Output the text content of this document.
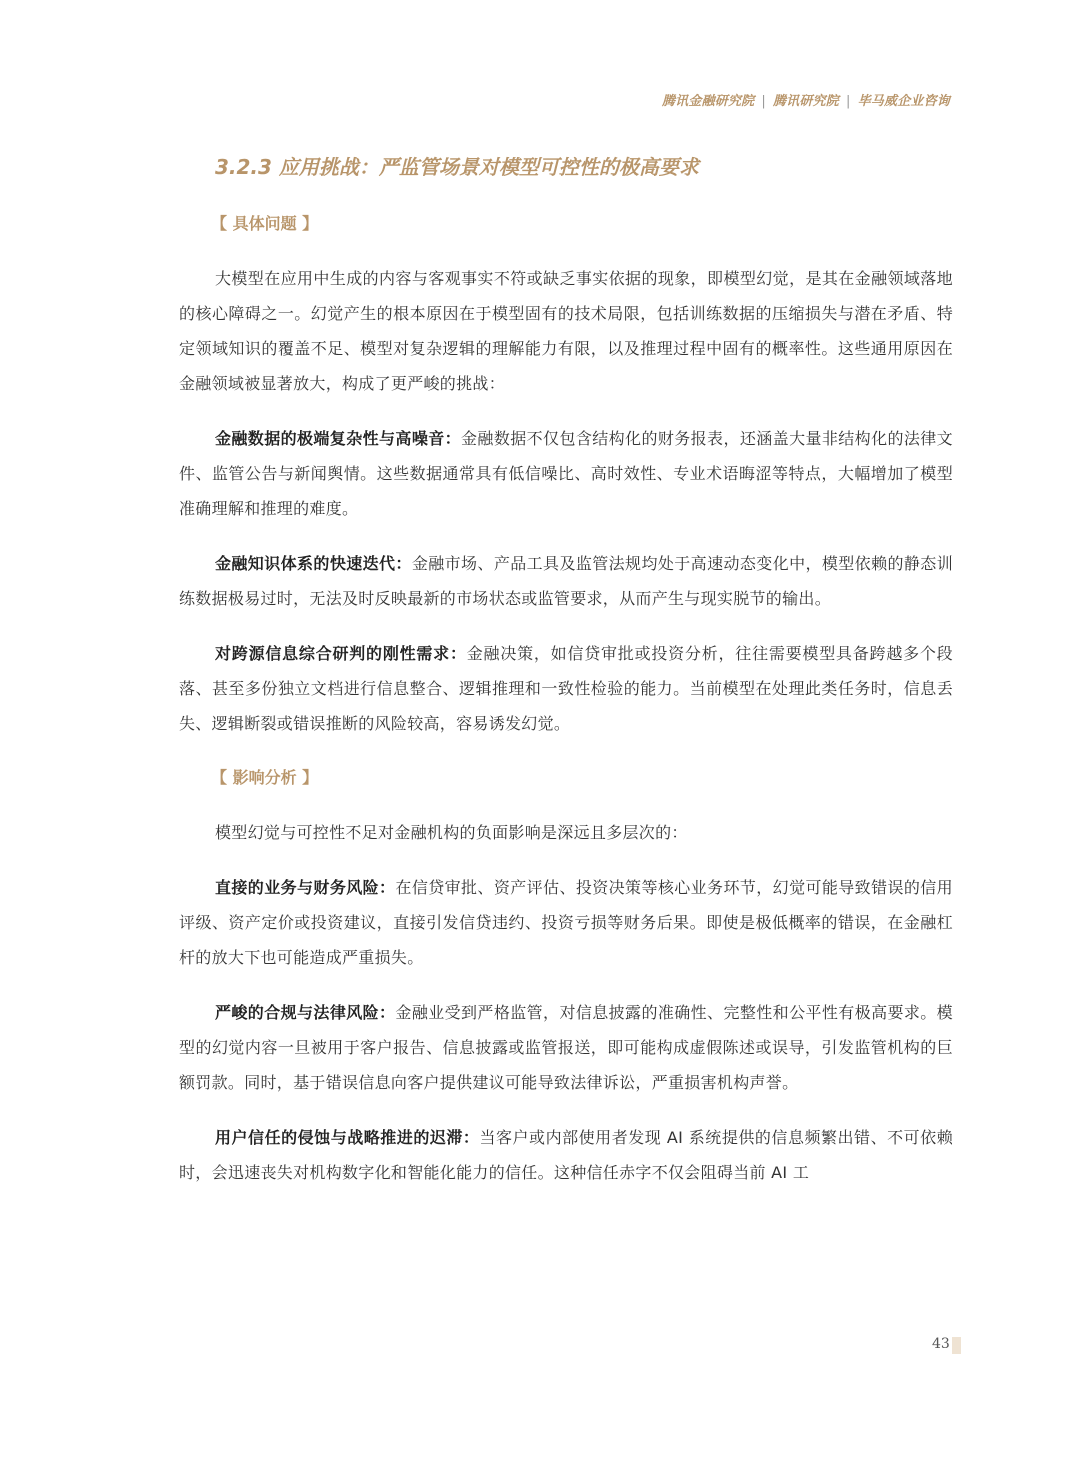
腾讯金融研究院 | 腾讯研究院 | 毕马威企业咨询
3.2.3 应用挑战：严监管场景对模型可控性的极高要求
【 具体问题 】

大模型在应用中生成的内容与客观事实不符或缺乏事实依据的现象，即模型幻觉，是其在金融领域落地的核心障碍之一。幻觉产生的根本原因在于模型固有的技术局限，包括训练数据的压缩损失与潜在矛盾、特定领域知识的覆盖不足、模型对复杂逻辑的理解能力有限，以及推理过程中固有的概率性。这些通用原因在金融领域被显著放大，构成了更严峻的挑战：

金融数据的极端复杂性与高噪音：金融数据不仅包含结构化的财务报表，还涵盖大量非结构化的法律文件、监管公告与新闻舆情。这些数据通常具有低信噪比、高时效性、专业术语晦涩等特点，大幅增加了模型准确理解和推理的难度。

金融知识体系的快速迭代：金融市场、产品工具及监管法规均处于高速动态变化中，模型依赖的静态训练数据极易过时，无法及时反映最新的市场状态或监管要求，从而产生与现实脱节的输出。

对跨源信息综合研判的刚性需求：金融决策，如信贷审批或投资分析，往往需要模型具备跨越多个段落、甚至多份独立文档进行信息整合、逻辑推理和一致性检验的能力。当前模型在处理此类任务时，信息丢失、逻辑断裂或错误推断的风险较高，容易诱发幻觉。

【 影响分析 】

模型幻觉与可控性不足对金融机构的负面影响是深远且多层次的：

直接的业务与财务风险：在信贷审批、资产评估、投资决策等核心业务环节，幻觉可能导致错误的信用评级、资产定价或投资建议，直接引发信贷违约、投资亏损等财务后果。即使是极低概率的错误，在金融杠杆的放大下也可能造成严重损失。

严峻的合规与法律风险：金融业受到严格监管，对信息披露的准确性、完整性和公平性有极高要求。模型的幻觉内容一旦被用于客户报告、信息披露或监管报送，即可能构成虚假陈述或误导，引发监管机构的巨额罚款。同时，基于错误信息向客户提供建议可能导致法律诉讼，严重损害机构声誉。

用户信任的侵蚀与战略推进的迟滞：当客户或内部使用者发现 AI 系统提供的信息频繁出错、不可依赖时，会迅速丧失对机构数字化和智能化能力的信任。这种信任赤字不仅会阻碍当前 AI 工

43
